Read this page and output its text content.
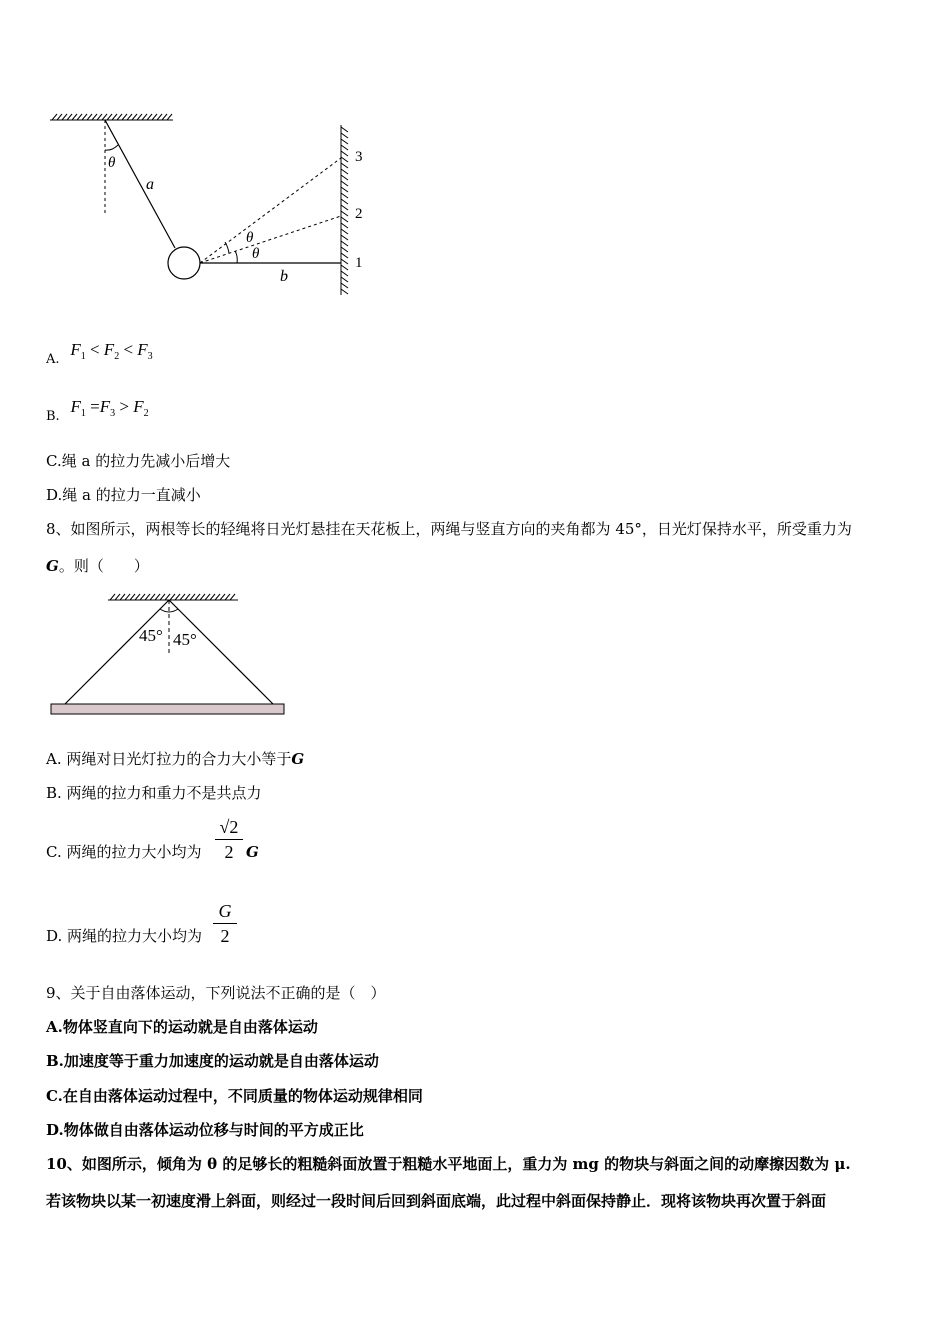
θ
a
θ
θ
b
3
2
1
A. $F_1 < F_2 < F_3$
B. $F_1 =F_3 > F_2$
C.绳 a 的拉力先减小后增大
D.绳 a 的拉力一直减小
8、如图所示，两根等长的轻绳将日光灯悬挂在天花板上，两绳与竖直方向的夹角都为 45°，日光灯保持水平，所受重力为
G。则（　　）
45° 45°
A. 两绳对日光灯拉力的合力大小等于G
B. 两绳的拉力和重力不是共点力
C. 两绳的拉力大小均为
√2
2 G
D. 两绳的拉力大小均为
G
2
9、关于自由落体运动，下列说法不正确的是（　）
A.物体竖直向下的运动就是自由落体运动
B.加速度等于重力加速度的运动就是自由落体运动
C.在自由落体运动过程中，不同质量的物体运动规律相同
D.物体做自由落体运动位移与时间的平方成正比
10、如图所示，倾角为 θ 的足够长的粗糙斜面放置于粗糙水平地面上，重力为 mg 的物块与斜面之间的动摩擦因数为 μ.
若该物块以某一初速度滑上斜面，则经过一段时间后回到斜面底端，此过程中斜面保持静止．现将该物块再次置于斜面
